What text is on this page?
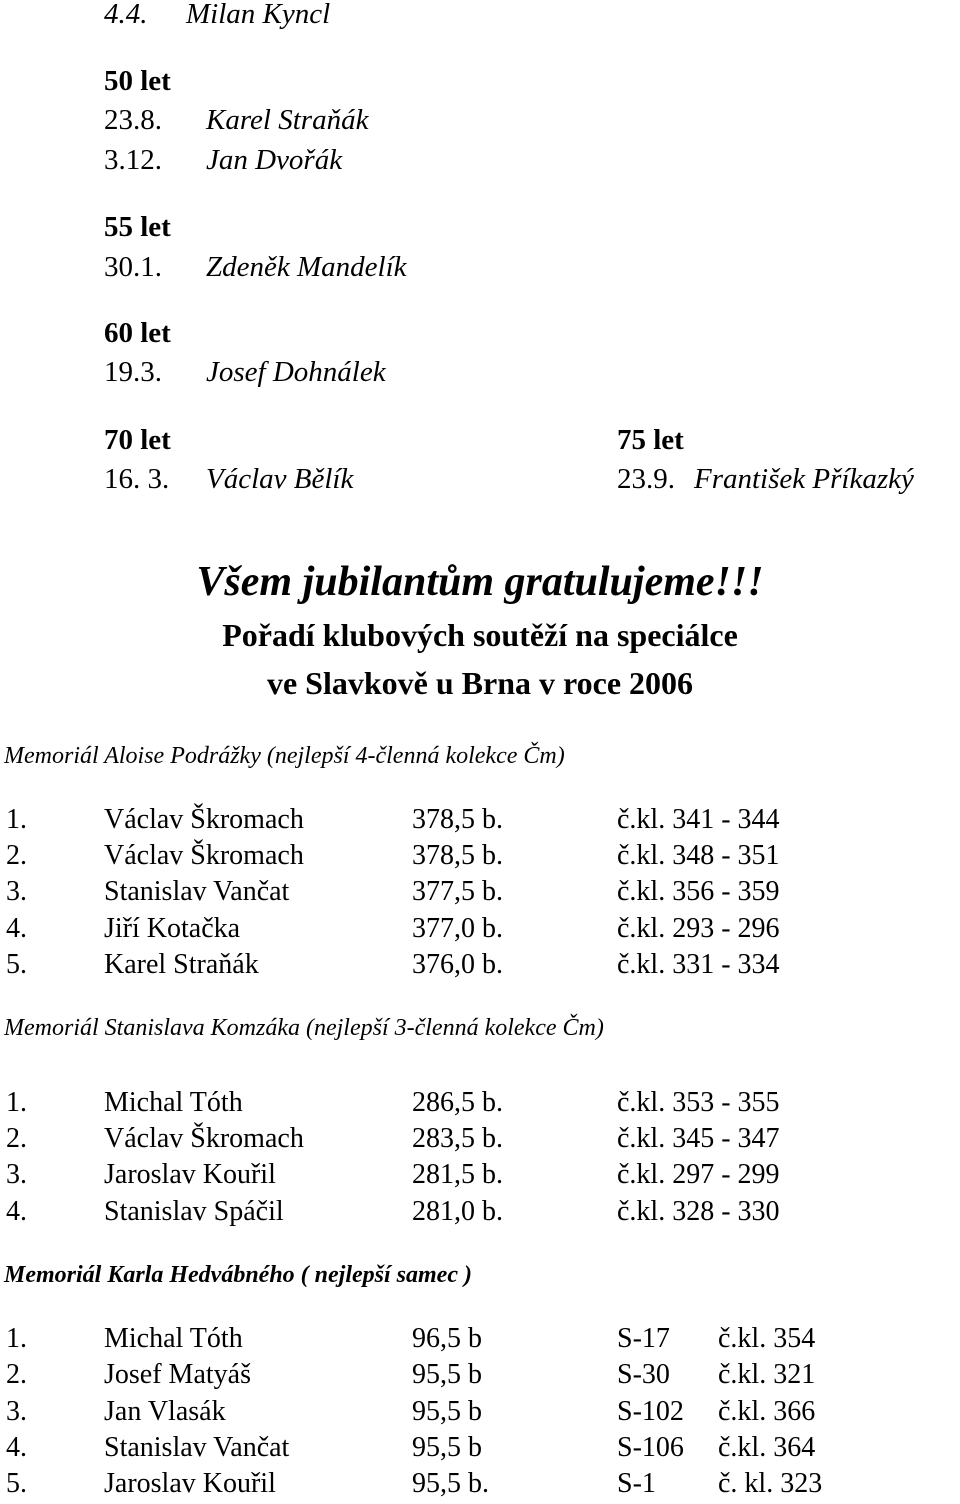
4.4. Milan Kyncl
50 let
23.8. Karel Straňák
3.12. Jan Dvořák
55 let
30.1. Zdeněk Mandelík
60 let
19.3. Josef Dohnálek
70 let
16. 3. Václav Bělík
75 let
23.9. František Příkazký
Všem jubilantům gratulujeme!!!
Pořadí klubových soutěží na speciálce
ve Slavkově u Brna v roce 2006
Memoriál Aloise Podrážky (nejlepší 4-členná kolekce Čm)
1.	Václav Škromach	378,5 b.	č.kl. 341 - 344
2.	Václav Škromach	378,5 b.	č.kl. 348 - 351
3.	Stanislav Vančat	377,5 b.	č.kl. 356 - 359
4.	Jiří Kotačka	377,0 b.	č.kl. 293 - 296
5.	Karel Straňák	376,0 b.	č.kl. 331 - 334
Memoriál Stanislava Komzáka (nejlepší 3-členná kolekce Čm)
1.	Michal Tóth	286,5 b.	č.kl. 353 - 355
2.	Václav Škromach	283,5 b.	č.kl. 345 - 347
3.	Jaroslav Kouřil	281,5 b.	č.kl. 297 - 299
4.	Stanislav Spáčil	281,0 b.	č.kl. 328 - 330
Memoriál Karla Hedvábného ( nejlepší samec )
1.	Michal Tóth	96,5 b	S-17 č.kl. 354
2.	Josef Matyáš	95,5 b	S-30 č.kl. 321
3.	Jan Vlasák	95,5 b	S-102 č.kl. 366
4.	Stanislav Vančat	95,5 b	S-106 č.kl. 364
5.	Jaroslav Kouřil	95,5 b.	S-1 č. kl. 323
